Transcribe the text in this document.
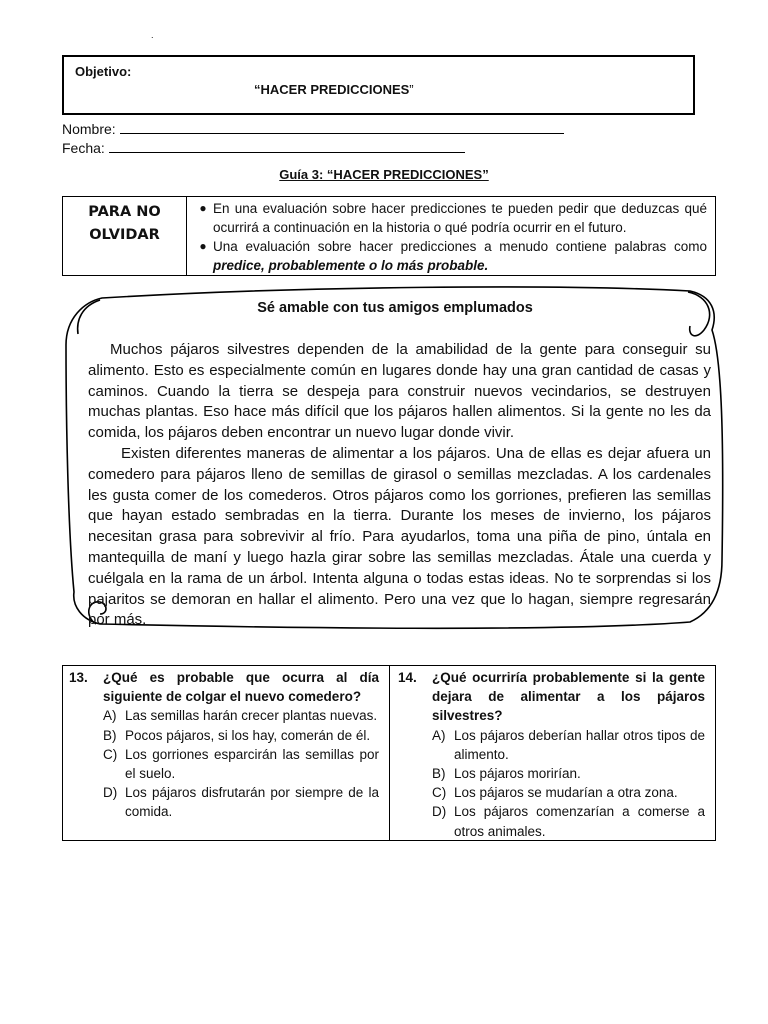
.
Objetivo:
“HACER PREDICCIONES”
Nombre:
Fecha:
Guía 3: “HACER PREDICCIONES”
PARA NO
OLVIDAR
● En una evaluación sobre hacer predicciones te pueden pedir que deduzcas qué ocurrirá a continuación en la historia o qué podría ocurrir en el futuro.
● Una evaluación sobre hacer predicciones a menudo contiene palabras como predice, probablemente o lo más probable.
Sé amable con tus amigos emplumados

Muchos pájaros silvestres dependen de la amabilidad de la gente para conseguir su alimento. Esto es especialmente común en lugares donde hay una gran cantidad de casas y caminos. Cuando la tierra se despeja para construir nuevos vecindarios, se destruyen muchas plantas. Eso hace más difícil que los pájaros hallen alimentos. Si la gente no les da comida, los pájaros deben encontrar un nuevo lugar donde vivir.

Existen diferentes maneras de alimentar a los pájaros. Una de ellas es dejar afuera un comedero para pájaros lleno de semillas de girasol o semillas mezcladas. A los cardenales les gusta comer de los comederos. Otros pájaros como los gorriones, prefieren las semillas que hayan estado sembradas en la tierra. Durante los meses de invierno, los pájaros necesitan grasa para sobrevivir al frío. Para ayudarlos, toma una piña de pino, úntala en mantequilla de maní y luego hazla girar sobre las semillas mezcladas. Átale una cuerda y cuélgala en la rama de un árbol. Intenta alguna o todas estas ideas. No te sorprendas si los pajaritos se demoran en hallar el alimento. Pero una vez que lo hagan, siempre regresarán por más.

13.	¿Qué es probable que ocurra al día siguiente de colgar el nuevo comedero?
A) Las semillas harán crecer plantas nuevas.
B) Pocos pájaros, si los hay, comerán de él.
C) Los gorriones esparcirán las semillas por el suelo.
D) Los pájaros disfrutarán por siempre de la comida.
14.	¿Qué ocurriría probablemente si la gente dejara de alimentar a los pájaros silvestres?
A) Los pájaros deberían hallar otros tipos de alimento.
B) Los pájaros morirían.
C) Los pájaros se mudarían a otra zona.
D) Los pájaros comenzarían a comerse a otros animales.
